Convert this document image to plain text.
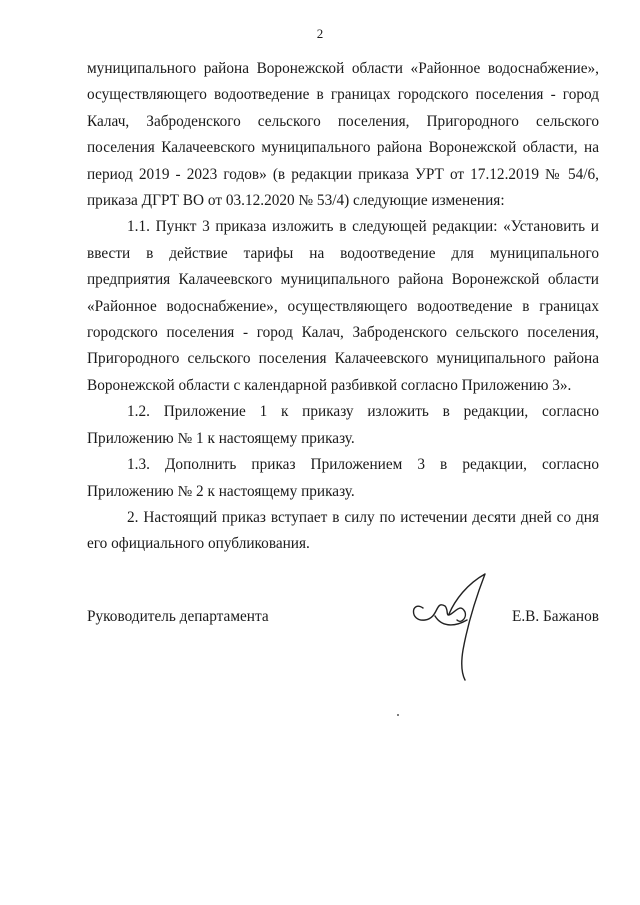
2

муниципального района Воронежской области «Районное водоснабжение», осуществляющего водоотведение в границах городского поселения - город Калач, Заброденского сельского поселения, Пригородного сельского поселения Калачеевского муниципального района Воронежской области, на период 2019 - 2023 годов» (в редакции приказа УРТ от 17.12.2019 № 54/6, приказа ДГРТ ВО от 03.12.2020 № 53/4) следующие изменения:

1.1. Пункт 3 приказа изложить в следующей редакции: «Установить и ввести в действие тарифы на водоотведение для муниципального предприятия Калачеевского муниципального района Воронежской области «Районное водоснабжение», осуществляющего водоотведение в границах городского поселения - город Калач, Заброденского сельского поселения, Пригородного сельского поселения Калачеевского муниципального района Воронежской области с календарной разбивкой согласно Приложению 3».

1.2. Приложение 1 к приказу изложить в редакции, согласно Приложению № 1 к настоящему приказу.

1.3. Дополнить приказ Приложением 3 в редакции, согласно Приложению № 2 к настоящему приказу.

2. Настоящий приказ вступает в силу по истечении десяти дней со дня его официального опубликования.

Руководитель департамента	Е.В. Бажанов
